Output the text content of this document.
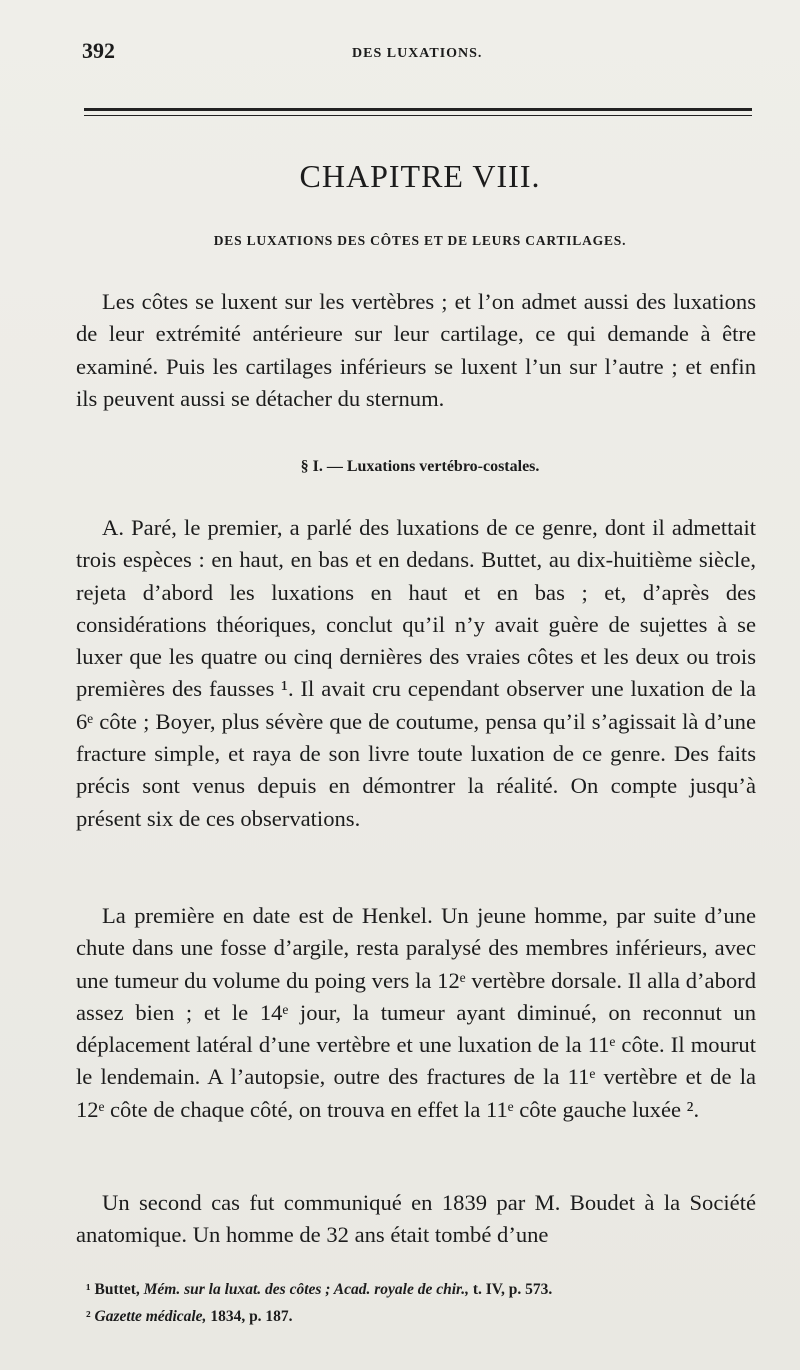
392	DES LUXATIONS.
CHAPITRE VIII.
DES LUXATIONS DES CÔTES ET DE LEURS CARTILAGES.

Les côtes se luxent sur les vertèbres ; et l’on admet aussi des luxations de leur extrémité antérieure sur leur cartilage, ce qui demande à être examiné. Puis les cartilages inférieurs se luxent l’un sur l’autre ; et enfin ils peuvent aussi se détacher du sternum.

§ I. — Luxations vertébro-costales.

A. Paré, le premier, a parlé des luxations de ce genre, dont il admettait trois espèces : en haut, en bas et en dedans. Buttet, au dix-huitième siècle, rejeta d’abord les luxations en haut et en bas ; et, d’après des considérations théoriques, conclut qu’il n’y avait guère de sujettes à se luxer que les quatre ou cinq dernières des vraies côtes et les deux ou trois premières des fausses ¹. Il avait cru cependant observer une luxation de la 6ᵉ côte ; Boyer, plus sévère que de coutume, pensa qu’il s’agissait là d’une fracture simple, et raya de son livre toute luxation de ce genre. Des faits précis sont venus depuis en démontrer la réalité. On compte jusqu’à présent six de ces observations.

La première en date est de Henkel. Un jeune homme, par suite d’une chute dans une fosse d’argile, resta paralysé des membres inférieurs, avec une tumeur du volume du poing vers la 12ᵉ vertèbre dorsale. Il alla d’abord assez bien ; et le 14ᵉ jour, la tumeur ayant diminué, on reconnut un déplacement latéral d’une vertèbre et une luxation de la 11ᵉ côte. Il mourut le lendemain. A l’autopsie, outre des fractures de la 11ᵉ vertèbre et de la 12ᵉ côte de chaque côté, on trouva en effet la 11ᵉ côte gauche luxée ².

Un second cas fut communiqué en 1839 par M. Boudet à la Société anatomique. Un homme de 32 ans était tombé d’une

¹ Buttet, Mém. sur la luxat. des côtes ; Acad. royale de chir., t. IV, p. 573.

² Gazette médicale, 1834, p. 187.
